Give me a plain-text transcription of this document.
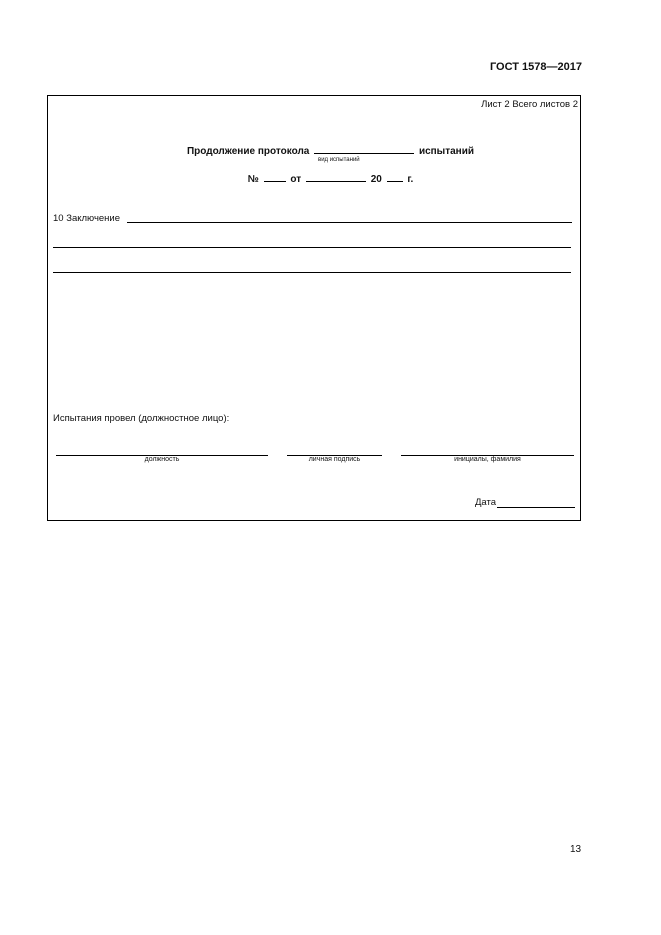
ГОСТ 1578—2017
Лист 2 Всего листов 2
Продолжение протокола	испытаний
вид испытаний
№	от	20	г.
10 Заключение
Испытания провел (должностное лицо):
должность	личная подпись	инициалы, фамилия
Дата
13
